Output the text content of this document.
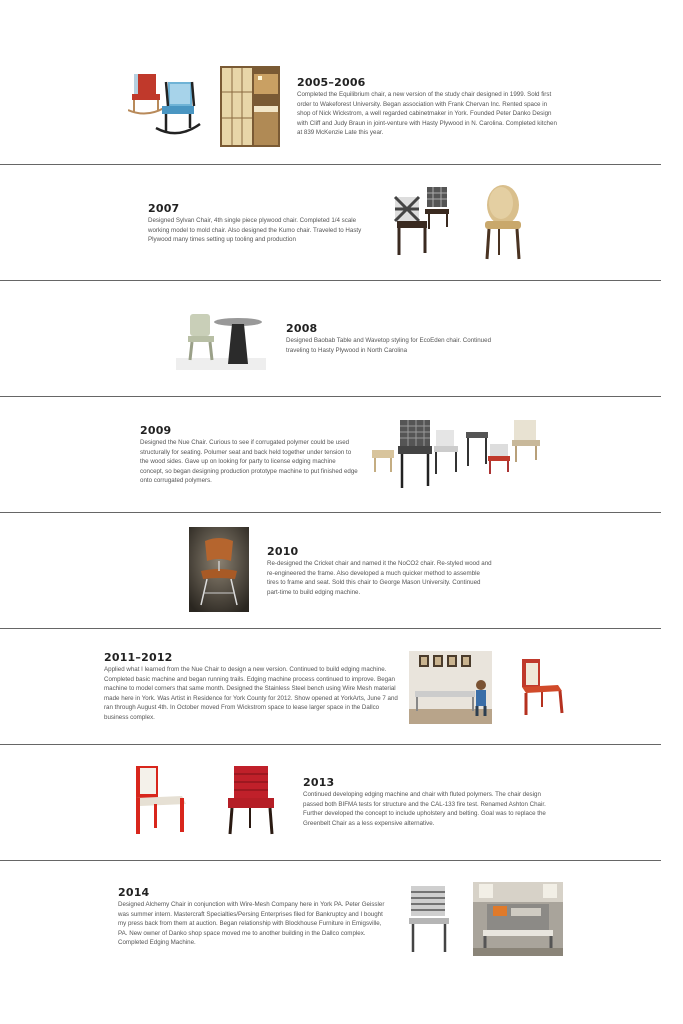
2005–2006
Completed the Equilibrium chair, a new version of the study chair designed in 1999. Sold first order to Wakeforest University. Began association with Frank Chervan Inc. Rented space in shop of Nick Wickstrom, a well regarded cabinetmaker in York. Founded Peter Danko Design with Cliff and Judy Braun in joint-venture with Hasty Plywood in N. Carolina. Completed kitchen at 839 McKenzie Late this year.
2007
Designed Sylvan Chair, 4th single piece plywood chair. Completed 1/4 scale working model to mold chair. Also designed the Kumo chair. Traveled to Hasty Plywood many times setting up tooling and production
2008
Designed Baobab Table and Wavetop styling for EcoEden chair. Continued traveling to Hasty Plywood in North Carolina
2009
Designed the Nue Chair. Curious to see if corrugated polymer could be used structurally for seating. Polumer seat and back held together under tension to the wood sides. Gave up on looking for party to license edging machine concept, so began designing production prototype machine to put finished edge onto corrugated polymers.
2010
Re-designed the Cricket chair and named it the NoCO2 chair. Re-styled wood and re-engineered the frame. Also developed a much quicker method to assemble tires to frame and seat. Sold this chair to George Mason University. Continued part-time to build edging machine.
2011–2012
Applied what I learned from the Nue Chair to design a new version. Continued to build edging machine. Completed basic machine and began running trails. Edging machine process continued to improve. Began machine to model corners that same month. Designed the Stainless Steel bench using Wire Mesh material made here in York. Was Artist in Residence for York County for 2012. Show opened at YorkArts, June 7 and ran through August 4th. In October moved From Wickstrom space to lease larger space in the Dallco business complex.
2013
Continued developing edging machine and chair with fluted polymers. The chair design passed both BIFMA tests for structure and the CAL-133 fire test. Renamed Ashton Chair. Further developed the concept to include upholstery and belting. Goal was to replace the Greenbelt Chair as a less expensive alternative.
2014
Designed Alchemy Chair in conjunction with Wire-Mesh Company here in York PA. Peter Geissler was summer intern. Mastercraft Specialties/Persing Enterprises filed for Bankruptcy and I bought my press back from them at auction. Began relationship with Blockhouse Furniture in Emigsville, PA. New owner of Danko shop space moved me to another building in the Dallco complex. Completed Edging Machine.
